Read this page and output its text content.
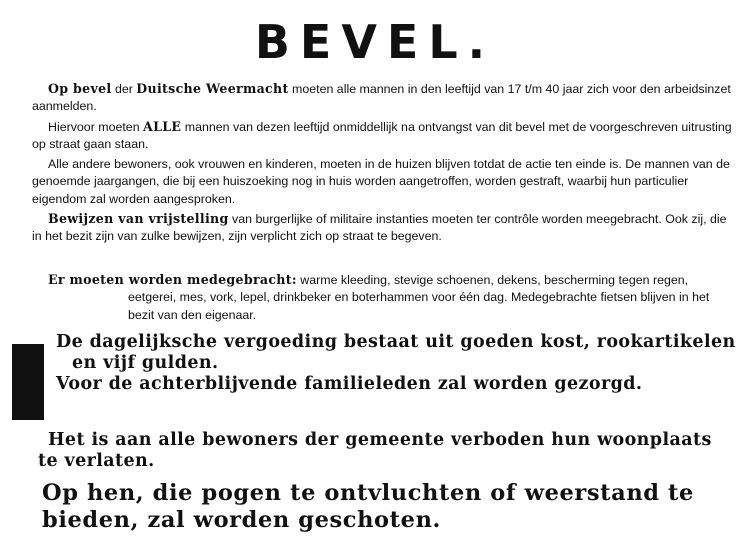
BEVEL.
Op bevel der Duitsche Weermacht moeten alle mannen in den leeftijd van 17 t/m 40 jaar zich voor den arbeidsinzet aanmelden.
Hiervoor moeten ALLE mannen van dezen leeftijd onmiddellijk na ontvangst van dit bevel met de voorgeschreven uitrusting op straat gaan staan.
Alle andere bewoners, ook vrouwen en kinderen, moeten in de huizen blijven totdat de actie ten einde is. De mannen van de genoemde jaargangen, die bij een huiszoeking nog in huis worden aangetroffen, worden gestraft, waarbij hun particulier eigendom zal worden aangesproken.
Bewijzen van vrijstelling van burgerlijke of militaire instanties moeten ter contrôle worden meegebracht. Ook zij, die in het bezit zijn van zulke bewijzen, zijn verplicht zich op straat te begeven.
Er moeten worden medegebracht: warme kleeding, stevige schoenen, dekens, bescherming tegen regen, eetgerei, mes, vork, lepel, drinkbeker en boterhammen voor één dag. Medegebrachte fietsen blijven in het bezit van den eigenaar.
De dagelijksche vergoeding bestaat uit goeden kost, rookartikelen en vijf gulden.
Voor de achterblijvende familieleden zal worden gezorgd.
Het is aan alle bewoners der gemeente verboden hun woonplaats te verlaten.
Op hen, die pogen te ontvluchten of weerstand te bieden, zal worden geschoten.
